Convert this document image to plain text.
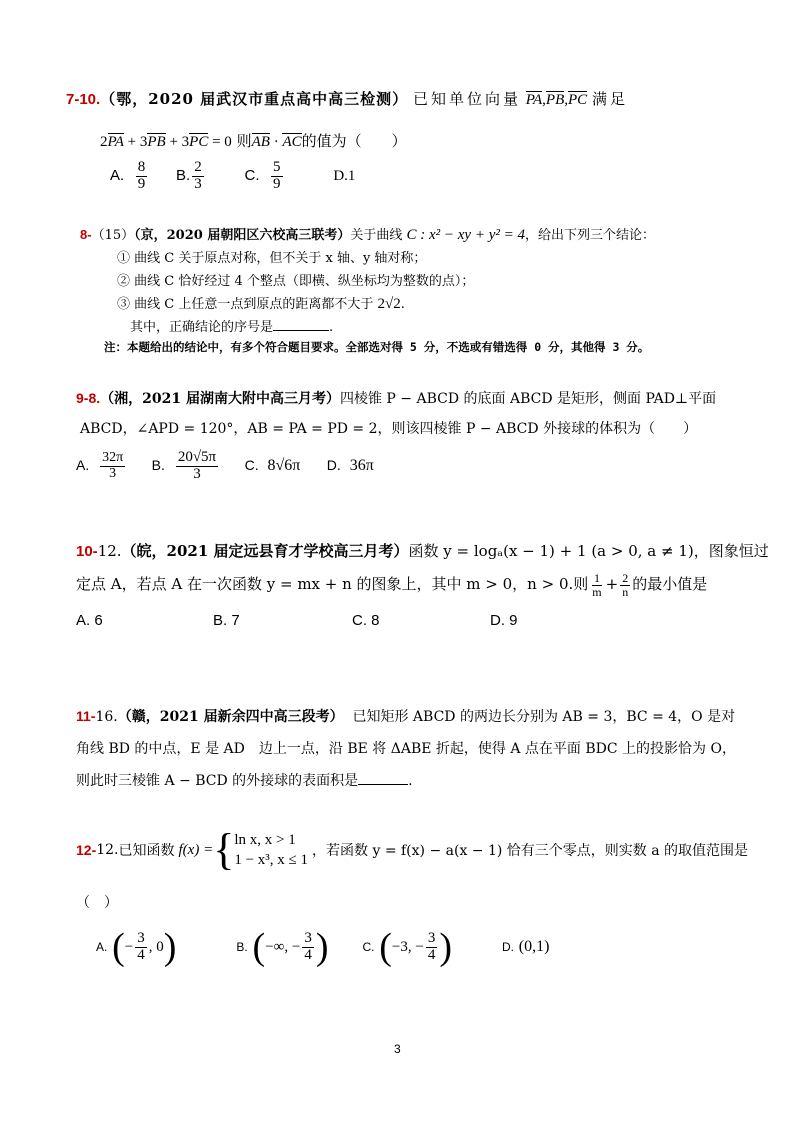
7-10.（鄂，2020 届武汉市重点高中高三检测） 已知单位向量 PA,PB,PC 满足
2PA + 3PB + 3PC = 0 则AB · AC的值为（　　）
A. $\frac{8}{9} B$. $\frac{2}{3}$	C. $\frac{5}{9}$	D.1
8-（15）（京，2020 届朝阳区六校高三联考）关于曲线 C : x² − xy + y² = 4，给出下列三个结论：
① 曲线 C 关于原点对称，但不关于 x 轴、y 轴对称；
② 曲线 C 恰好经过 4 个整点（即横、纵坐标均为整数的点）；
③ 曲线 C 上任意一点到原点的距离都不大于 2√2.
其中，正确结论的序号是	.
注：本题给出的结论中，有多个符合题目要求。全部选对得 5 分，不选或有错选得 0 分，其他得 3 分。
9-8.（湘，2021 届湖南大附中高三月考）四棱锥 P − ABCD 的底面 ABCD 是矩形，侧面 PAD⊥平面
ABCD，∠APD = 120°，AB = PA = PD = 2，则该四棱锥 P − ABCD 外接球的体积为（　　）
A. $\frac{32\pi}{3} B$. $\frac{20√5\pi}{3} C$. 8√6π D. 36π
10-12.（皖，2021 届定远县育才学校高三月考）函数 y = logₐ(x − 1) + 1 (a > 0, a ≠ 1)，图象恒过
定点 A，若点 A 在一次函数 y = mx + n 的图象上，其中 m > 0，n > 0.则 $\frac{1}{m} + \frac{2}{n}$ 的最小值是
A. 6	B. 7	C. 8	D. 9
11-16.（赣，2021 届新余四中高三段考） 已知矩形 ABCD 的两边长分别为 AB = 3，BC = 4，O 是对
角线 BD 的中点，E 是 AD　边上一点，沿 BE 将 ΔABE 折起，使得 A 点在平面 BDC 上的投影恰为 O，
则此时三棱锥 A − BCD 的外接球的表面积是	.
12- 12. 已知函数 f(x) = { ln x, x > 1
1 − x³, x ≤ 1
，若函数 y = f(x) − a(x − 1) 恰有三个零点，则实数 a 的取值范围是
（　）
A.
( − $\frac{3}{4}$ , 0 )	B.
( −∞, − $\frac{3}{4}$ )	C.
( −3, − $\frac{3}{4}$ )	D.
(0,1)
3
